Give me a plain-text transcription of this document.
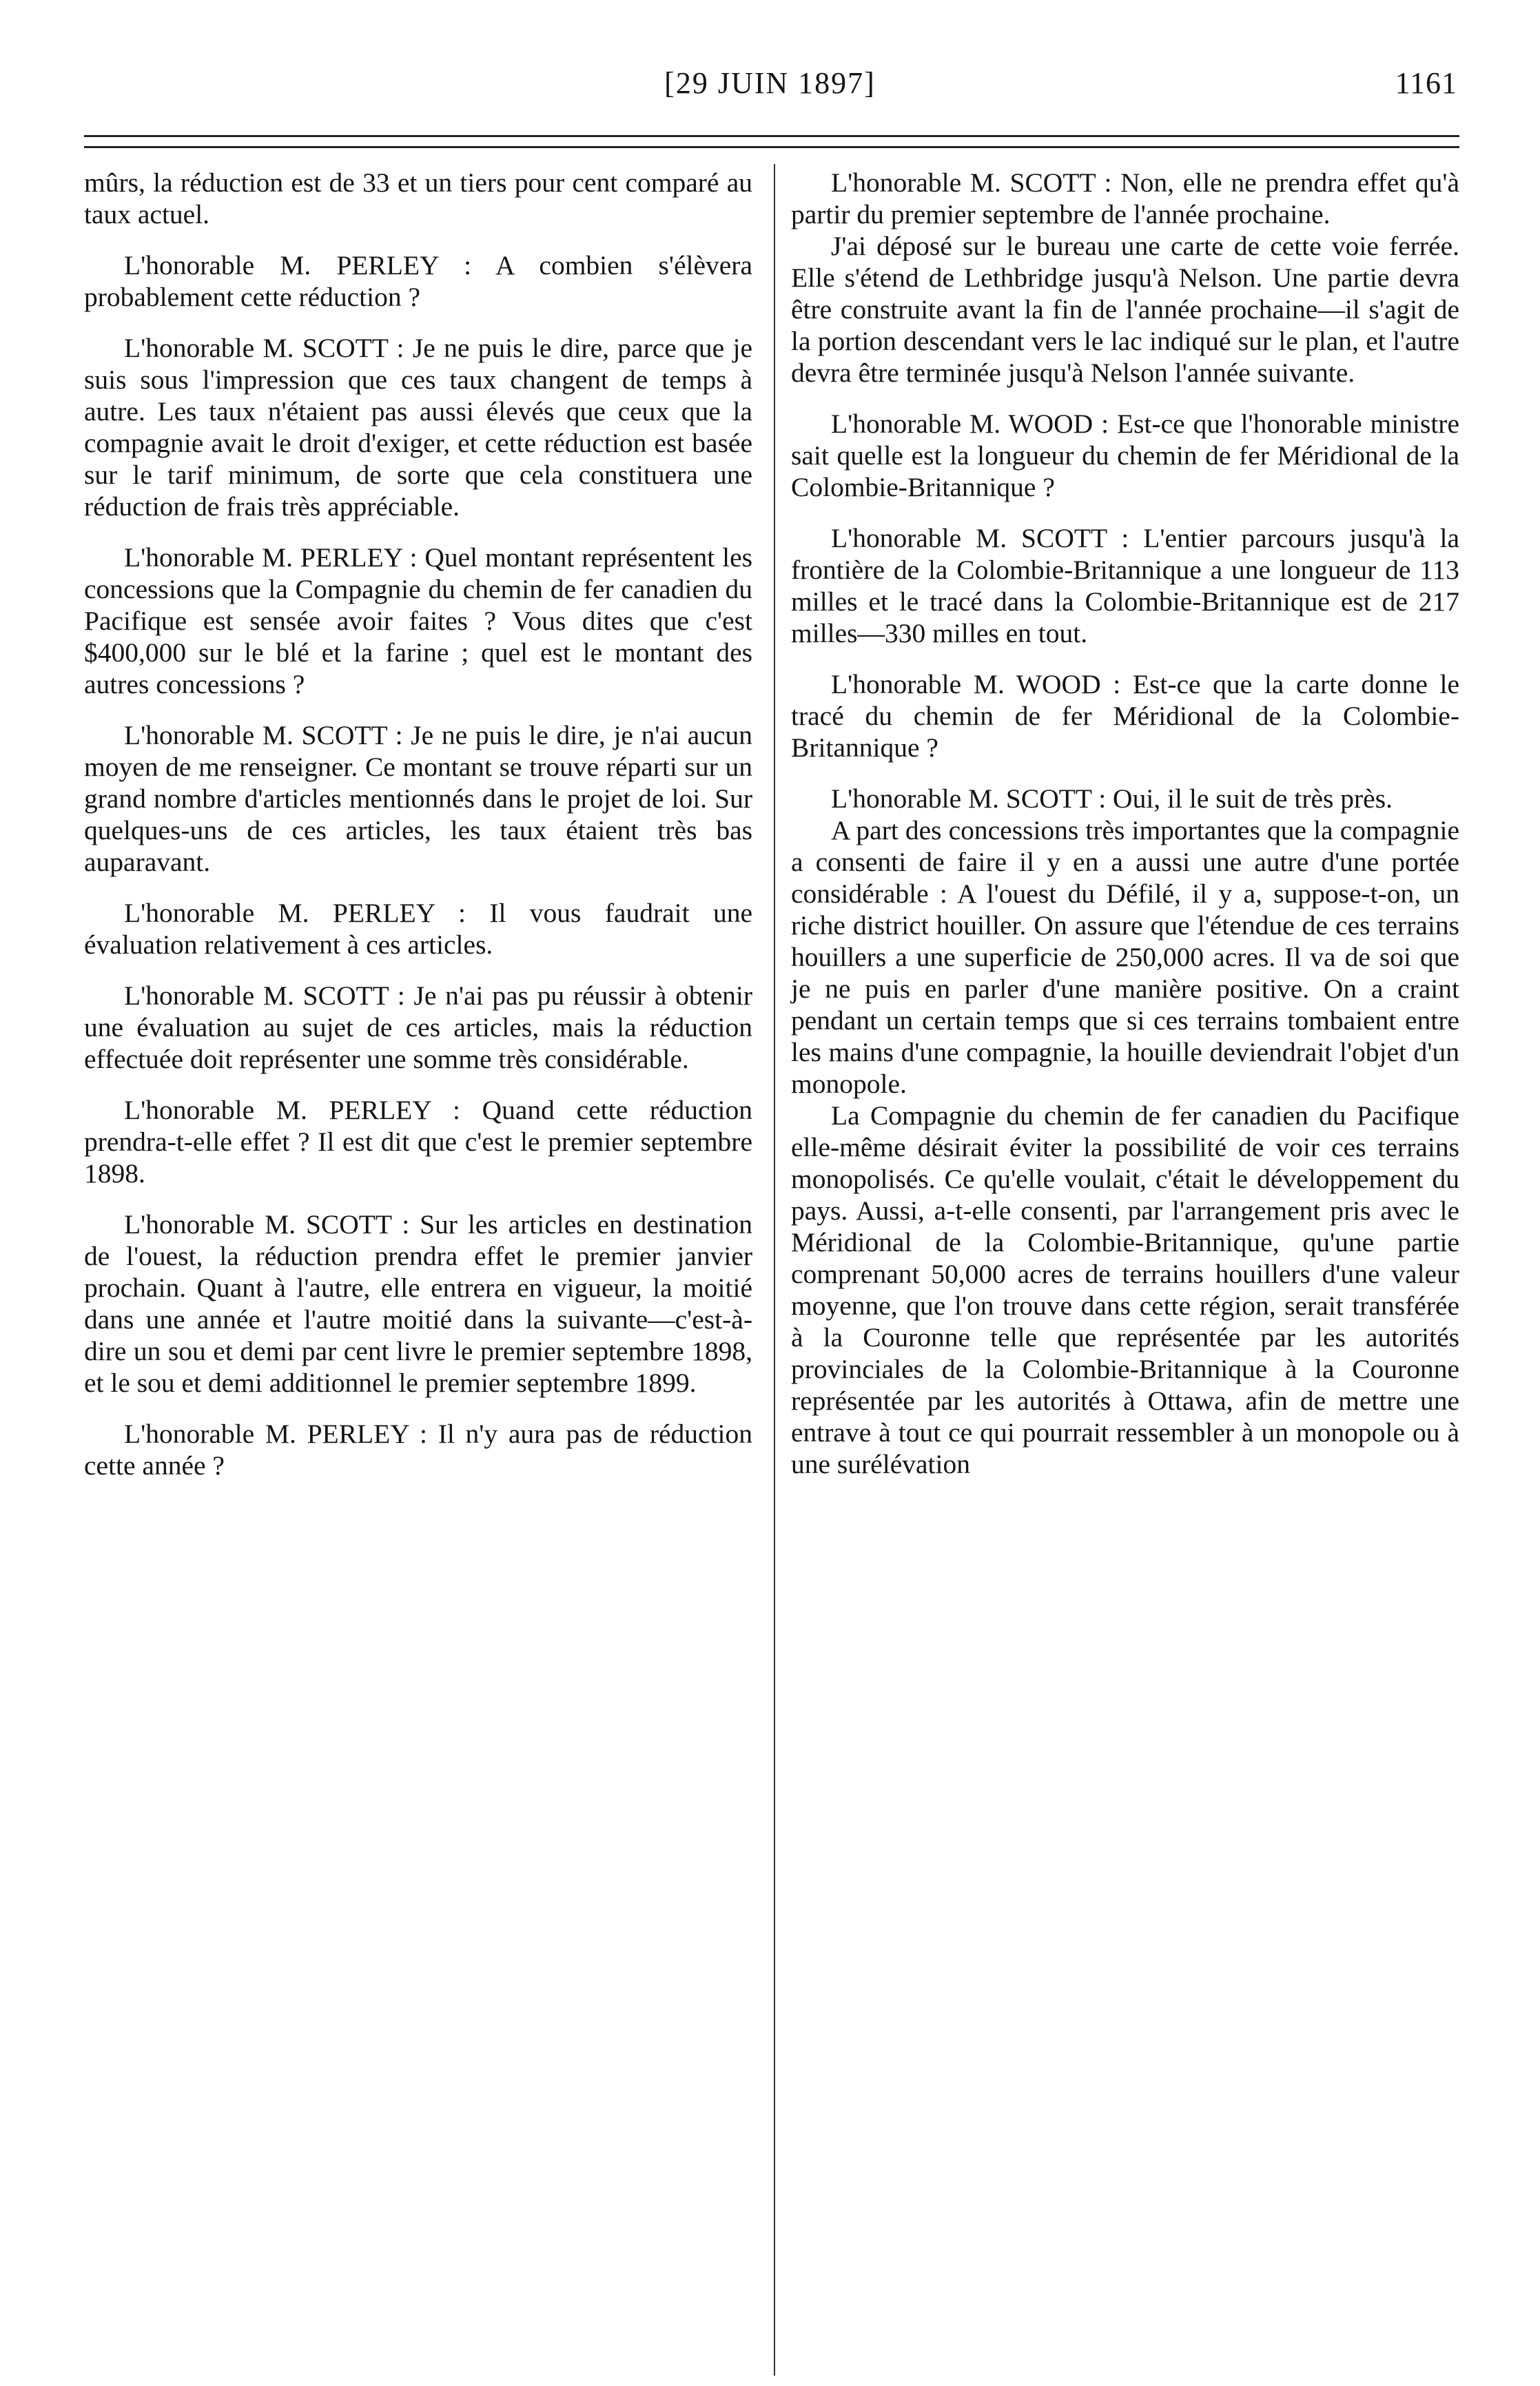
[29 JUIN 1897]	1161

mûrs, la réduction est de 33 et un tiers pour cent comparé au taux actuel.

L'honorable M. PERLEY : A combien s'élèvera probablement cette réduction ?

L'honorable M. SCOTT : Je ne puis le dire, parce que je suis sous l'impression que ces taux changent de temps à autre. Les taux n'étaient pas aussi élevés que ceux que la compagnie avait le droit d'exiger, et cette réduction est basée sur le tarif minimum, de sorte que cela constituera une réduction de frais très appréciable.

L'honorable M. PERLEY : Quel montant représentent les concessions que la Compagnie du chemin de fer canadien du Pacifique est sensée avoir faites ? Vous dites que c'est $400,000 sur le blé et la farine ; quel est le montant des autres concessions ?

L'honorable M. SCOTT : Je ne puis le dire, je n'ai aucun moyen de me renseigner. Ce montant se trouve réparti sur un grand nombre d'articles mentionnés dans le projet de loi. Sur quelques-uns de ces articles, les taux étaient très bas auparavant.

L'honorable M. PERLEY : Il vous faudrait une évaluation relativement à ces articles.

L'honorable M. SCOTT : Je n'ai pas pu réussir à obtenir une évaluation au sujet de ces articles, mais la réduction effectuée doit représenter une somme très considérable.

L'honorable M. PERLEY : Quand cette réduction prendra-t-elle effet ? Il est dit que c'est le premier septembre 1898.

L'honorable M. SCOTT : Sur les articles en destination de l'ouest, la réduction prendra effet le premier janvier prochain. Quant à l'autre, elle entrera en vigueur, la moitié dans une année et l'autre moitié dans la suivante—c'est-à-dire un sou et demi par cent livre le premier septembre 1898, et le sou et demi additionnel le premier septembre 1899.

L'honorable M. PERLEY : Il n'y aura pas de réduction cette année ?

L'honorable M. SCOTT : Non, elle ne prendra effet qu'à partir du premier septembre de l'année prochaine.

J'ai déposé sur le bureau une carte de cette voie ferrée. Elle s'étend de Lethbridge jusqu'à Nelson. Une partie devra être construite avant la fin de l'année prochaine—il s'agit de la portion descendant vers le lac indiqué sur le plan, et l'autre devra être terminée jusqu'à Nelson l'année suivante.

L'honorable M. WOOD : Est-ce que l'honorable ministre sait quelle est la longueur du chemin de fer Méridional de la Colombie-Britannique ?

L'honorable M. SCOTT : L'entier parcours jusqu'à la frontière de la Colombie-Britannique a une longueur de 113 milles et le tracé dans la Colombie-Britannique est de 217 milles—330 milles en tout.

L'honorable M. WOOD : Est-ce que la carte donne le tracé du chemin de fer Méridional de la Colombie-Britannique ?

L'honorable M. SCOTT : Oui, il le suit de très près.

A part des concessions très importantes que la compagnie a consenti de faire il y en a aussi une autre d'une portée considérable : A l'ouest du Défilé, il y a, suppose-t-on, un riche district houiller. On assure que l'étendue de ces terrains houillers a une superficie de 250,000 acres. Il va de soi que je ne puis en parler d'une manière positive. On a craint pendant un certain temps que si ces terrains tombaient entre les mains d'une compagnie, la houille deviendrait l'objet d'un monopole.

La Compagnie du chemin de fer canadien du Pacifique elle-même désirait éviter la possibilité de voir ces terrains monopolisés. Ce qu'elle voulait, c'était le développement du pays. Aussi, a-t-elle consenti, par l'arrangement pris avec le Méridional de la Colombie-Britannique, qu'une partie comprenant 50,000 acres de terrains houillers d'une valeur moyenne, que l'on trouve dans cette région, serait transférée à la Couronne telle que représentée par les autorités provinciales de la Colombie-Britannique à la Couronne représentée par les autorités à Ottawa, afin de mettre une entrave à tout ce qui pourrait ressembler à un monopole ou à une surélévation
